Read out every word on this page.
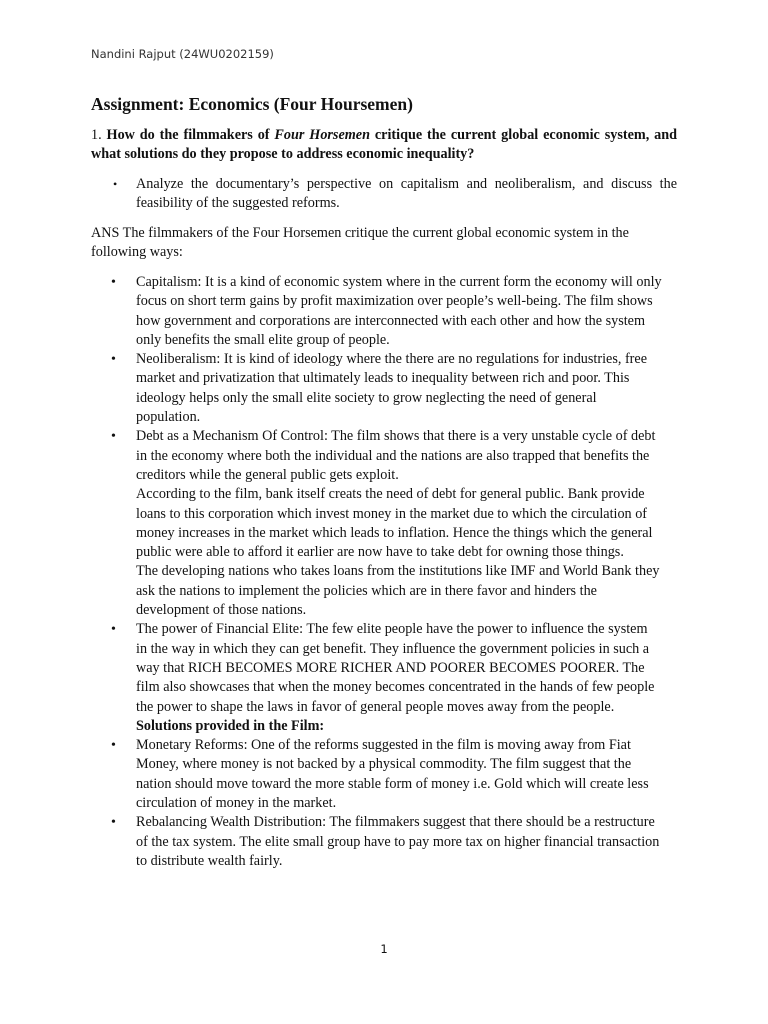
Nandini Rajput (24WU0202159)
Assignment: Economics (Four Hoursemen)
1. How do the filmmakers of Four Horsemen critique the current global economic system, and what solutions do they propose to address economic inequality?
• Analyze the documentary’s perspective on capitalism and neoliberalism, and discuss the feasibility of the suggested reforms.
ANS The filmmakers of the Four Horsemen critique the current global economic system in the following ways:
• Capitalism: It is a kind of economic system where in the current form the economy will only focus on short term gains by profit maximization over people’s well-being. The film shows how government and corporations are interconnected with each other and how the system only benefits the small elite group of people.

• Neoliberalism: It is kind of ideology where the there are no regulations for industries, free market and privatization that ultimately leads to inequality between rich and poor. This ideology helps only the small elite society to grow neglecting the need of general population.

• Debt as a Mechanism Of Control: The film shows that there is a very unstable cycle of debt in the economy where both the individual and the nations are also trapped that benefits the creditors while the general public gets exploit.

According to the film, bank itself creats the need of debt for general public. Bank provide loans to this corporation which invest money in the market due to which the circulation of money increases in the market which leads to inflation. Hence the things which the general public were able to afford it earlier are now have to take debt for owning those things.

The developing nations who takes loans from the institutions like IMF and World Bank they ask the nations to implement the policies which are in there favor and hinders the development of those nations.

• The power of Financial Elite: The few elite people have the power to influence the system in the way in which they can get benefit. They influence the government policies in such a way that RICH BECOMES MORE RICHER AND POORER BECOMES POORER. The film also showcases that when the money becomes concentrated in the hands of few people the power to shape the laws in favor of general people moves away from the people.

Solutions provided in the Film:
• Monetary Reforms: One of the reforms suggested in the film is moving away from Fiat Money, where money is not backed by a physical commodity. The film suggest that the nation should move toward the more stable form of money i.e. Gold which will create less circulation of money in the market.

• Rebalancing Wealth Distribution: The filmmakers suggest that there should be a restructure of the tax system. The elite small group have to pay more tax on higher financial transaction to distribute wealth fairly.

1
